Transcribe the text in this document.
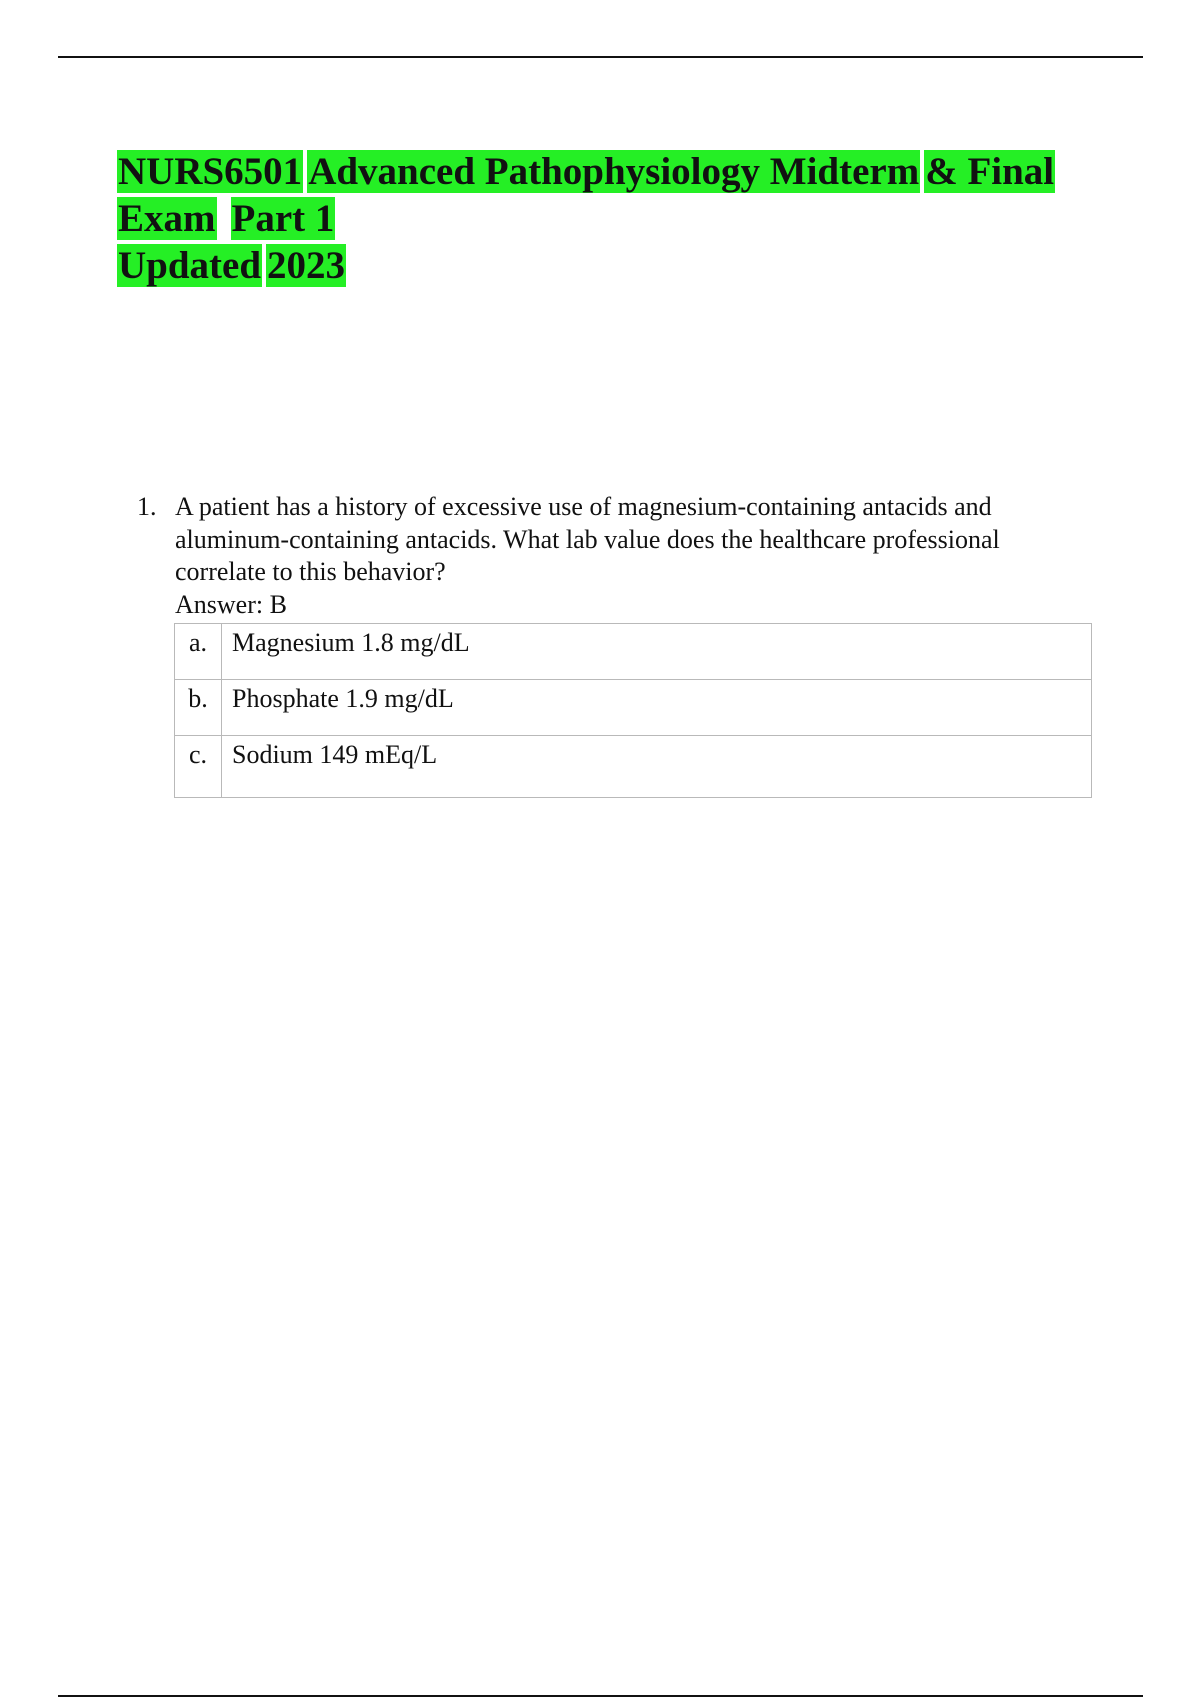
NURS6501 Advanced Pathophysiology Midterm & Final
Exam Part 1
Updated 2023
1. A patient has a history of excessive use of magnesium-containing antacids and aluminum-containing antacids. What lab value does the healthcare professional correlate to this behavior?
Answer: B
a.	Magnesium 1.8 mg/dL
b.	Phosphate 1.9 mg/dL
c.	Sodium 149 mEq/L
